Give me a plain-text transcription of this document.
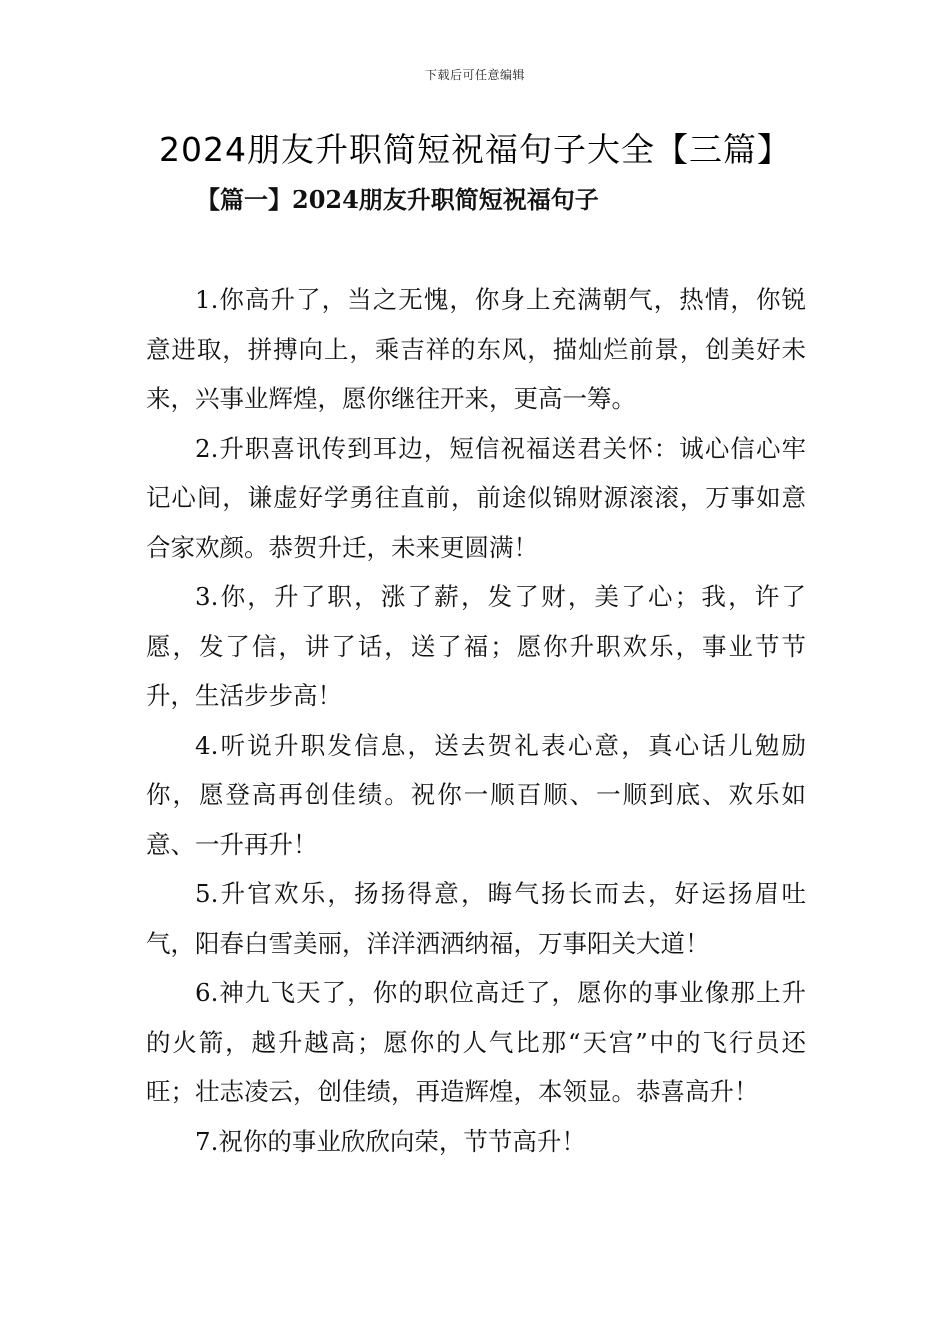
下载后可任意编辑
2024朋友升职简短祝福句子大全【三篇】
【篇一】2024朋友升职简短祝福句子

1.你高升了，当之无愧，你身上充满朝气，热情，你锐意进取，拼搏向上，乘吉祥的东风，描灿烂前景，创美好未来，兴事业辉煌，愿你继往开来，更高一筹。

2.升职喜讯传到耳边，短信祝福送君关怀：诚心信心牢记心间，谦虚好学勇往直前，前途似锦财源滚滚，万事如意合家欢颜。恭贺升迁，未来更圆满！

3.你，升了职，涨了薪，发了财，美了心；我，许了愿，发了信，讲了话，送了福；愿你升职欢乐，事业节节升，生活步步高！

4.听说升职发信息，送去贺礼表心意，真心话儿勉励你，愿登高再创佳绩。祝你一顺百顺、一顺到底、欢乐如意、一升再升！

5.升官欢乐，扬扬得意，晦气扬长而去，好运扬眉吐气，阳春白雪美丽，洋洋洒洒纳福，万事阳关大道！

6.神九飞天了，你的职位高迁了，愿你的事业像那上升的火箭，越升越高；愿你的人气比那“天宫”中的飞行员还旺；壮志凌云，创佳绩，再造辉煌，本领显。恭喜高升！

7.祝你的事业欣欣向荣，节节高升！
